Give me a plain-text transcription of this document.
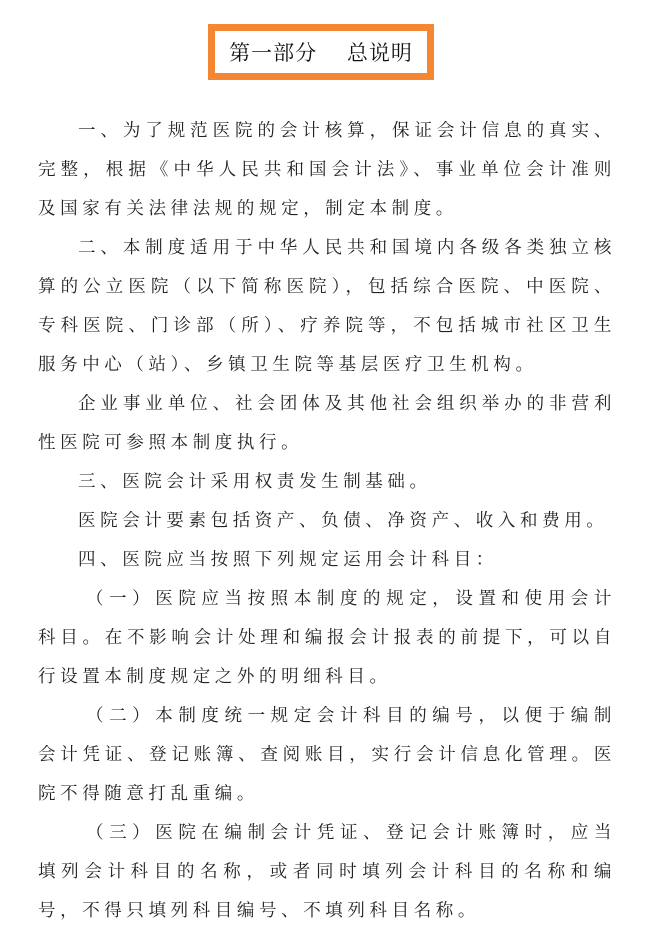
第一部分　 总说明

一、为了规范医院的会计核算，保证会计信息的真实、完整，根据《中华人民共和国会计法》、事业单位会计准则及国家有关法律法规的规定，制定本制度。

二、本制度适用于中华人民共和国境内各级各类独立核算的公立医院（以下简称医院），包括综合医院、中医院、专科医院、门诊部（所）、疗养院等，不包括城市社区卫生服务中心（站）、乡镇卫生院等基层医疗卫生机构。

企业事业单位、社会团体及其他社会组织举办的非营利性医院可参照本制度执行。

三、医院会计采用权责发生制基础。

医院会计要素包括资产、负债、净资产、收入和费用。

四、医院应当按照下列规定运用会计科目：

（一）医院应当按照本制度的规定，设置和使用会计科目。在不影响会计处理和编报会计报表的前提下，可以自行设置本制度规定之外的明细科目。

（二）本制度统一规定会计科目的编号，以便于编制会计凭证、登记账簿、查阅账目，实行会计信息化管理。医院不得随意打乱重编。

（三）医院在编制会计凭证、登记会计账簿时，应当填列会计科目的名称，或者同时填列会计科目的名称和编号，不得只填列科目编号、不填列科目名称。
